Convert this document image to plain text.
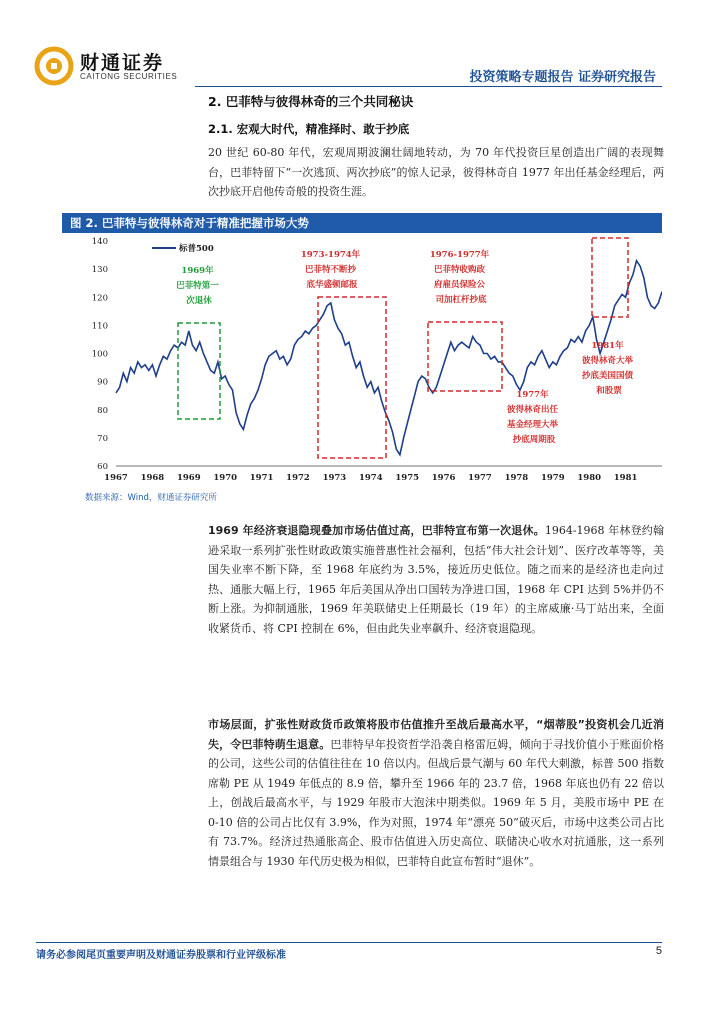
财通证券
CAITONG SECURITIES	投资策略专题报告 证券研究报告
2. 巴菲特与彼得林奇的三个共同秘诀
2.1. 宏观大时代，精准择时、敢于抄底

20 世纪 60-80 年代，宏观周期波澜壮阔地转动，为 70 年代投资巨星创造出广阔的表现舞台，巴菲特留下“一次逃顶、两次抄底”的惊人记录，彼得林奇自 1977 年出任基金经理后，两次抄底开启他传奇般的投资生涯。

图 2. 巴菲特与彼得林奇对于精准把握市场大势
60
70
80
90
100
110
120
130
140
1967 1968 1969 1970 1971 1972 1973 1974 1975 1976 1977 1978 1979 1980 1981
标普500
1969年 巴菲特第一 次退休
1973-1974年 巴菲特不断抄 底华盛顿邮报
1976-1977年 巴菲特收购政 府雇员保险公 司加杠杆抄底
1977年 彼得林奇出任 基金经理大举 抄底周期股
1981年 彼得林奇大举 抄底美国国债 和股票
数据来源：Wind，财通证券研究所

1969 年经济衰退隐现叠加市场估值过高，巴菲特宣布第一次退休。1964-1968 年林登约翰逊采取一系列扩张性财政政策实施普惠性社会福利，包括“伟大社会计划”、医疗改革等等，美国失业率不断下降，至 1968 年底约为 3.5%，接近历史低位。随之而来的是经济也走向过热、通胀大幅上行，1965 年后美国从净出口国转为净进口国，1968 年 CPI 达到 5%并仍不断上涨。为抑制通胀，1969 年美联储史上任期最长（19 年）的主席威廉·马丁站出来，全面收紧货币、将 CPI 控制在 6%，但由此失业率飙升、经济衰退隐现。

市场层面，扩张性财政货币政策将股市估值推升至战后最高水平，“烟蒂股”投资机会几近消失，令巴菲特萌生退意。巴菲特早年投资哲学沿袭自格雷厄姆，倾向于寻找价值小于账面价格的公司，这些公司的估值往往在 10 倍以内。但战后景气潮与 60 年代大刺激，标普 500 指数席勒 PE 从 1949 年低点的 8.9 倍，攀升至 1966 年的 23.7 倍，1968 年底也仍有 22 倍以上，创战后最高水平，与 1929 年股市大泡沫中期类似。1969 年 5 月，美股市场中 PE 在 0-10 倍的公司占比仅有 3.9%，作为对照，1974 年“漂亮 50”破灭后，市场中这类公司占比有 73.7%。经济过热通胀高企、股市估值进入历史高位、联储决心收水对抗通胀，这一系列情景组合与 1930 年代历史极为相似，巴菲特自此宣布暂时“退休”。

请务必参阅尾页重要声明及财通证券股票和行业评级标准	5
